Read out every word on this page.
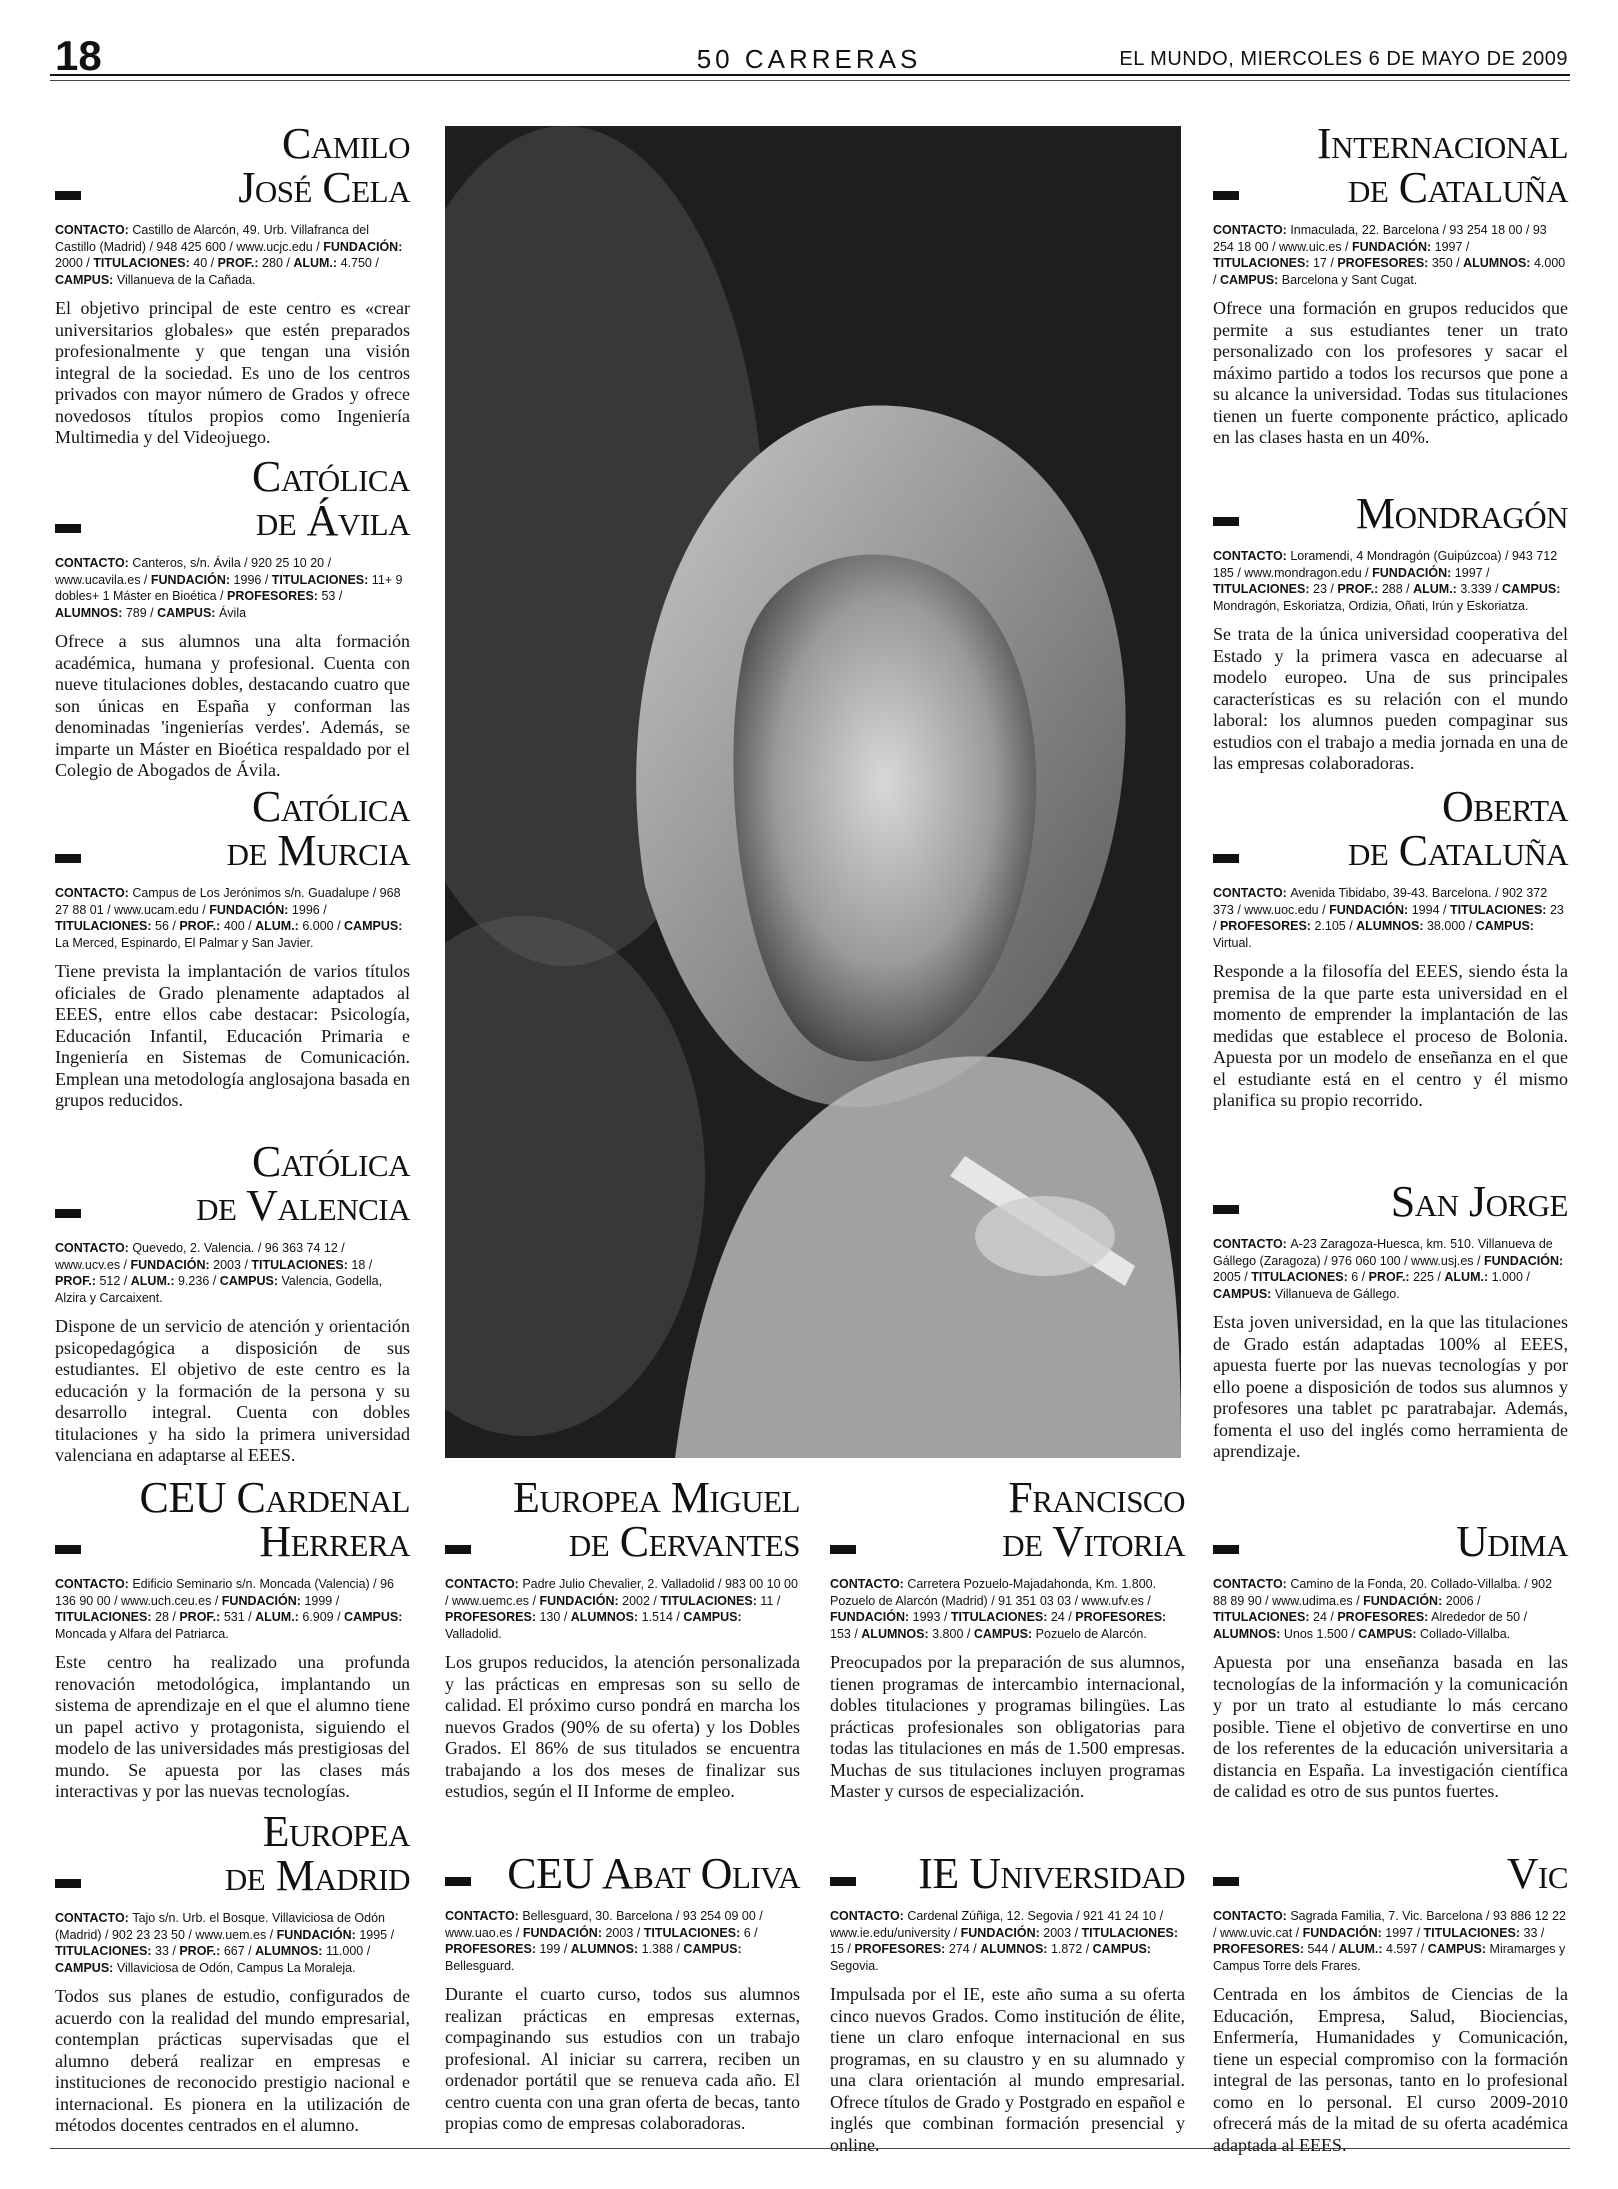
18	50 CARRERAS	EL MUNDO, MIERCOLES 6 DE MAYO DE 2009
Camilo
José Cela
CONTACTO: Castillo de Alarcón, 49. Urb. Villafranca del Castillo (Madrid) / 948 425 600 / www.ucjc.edu / FUNDACIÓN: 2000 / TITULACIONES: 40 / PROF.: 280 / ALUM.: 4.750 / CAMPUS: Villanueva de la Cañada.
El objetivo principal de este centro es «crear universitarios globales» que estén preparados profesionalmente y que tengan una visión integral de la sociedad. Es uno de los centros privados con mayor número de Grados y ofrece novedosos títulos propios como Ingeniería Multimedia y del Videojuego.
Católica
de Ávila
CONTACTO: Canteros, s/n. Ávila / 920 25 10 20 / www.ucavila.es / FUNDACIÓN: 1996 / TITULACIONES: 11+ 9 dobles+ 1 Máster en Bioética / PROFESORES: 53 / ALUMNOS: 789 / CAMPUS: Ávila
Ofrece a sus alumnos una alta formación académica, humana y profesional. Cuenta con nueve titulaciones dobles, destacando cuatro que son únicas en España y conforman las denominadas 'ingenierías verdes'. Además, se imparte un Máster en Bioética respaldado por el Colegio de Abogados de Ávila.
Católica
de Murcia
CONTACTO: Campus de Los Jerónimos s/n. Guadalupe / 968 27 88 01 / www.ucam.edu / FUNDACIÓN: 1996 / TITULACIONES: 56 / PROF.: 400 / ALUM.: 6.000 / CAMPUS: La Merced, Espinardo, El Palmar y San Javier.
Tiene prevista la implantación de varios títulos oficiales de Grado plenamente adaptados al EEES, entre ellos cabe destacar: Psicología, Educación Infantil, Educación Primaria e Ingeniería en Sistemas de Comunicación. Emplean una metodología anglosajona basada en grupos reducidos.
Católica
de Valencia
CONTACTO: Quevedo, 2. Valencia. / 96 363 74 12 / www.ucv.es / FUNDACIÓN: 2003 / TITULACIONES: 18 / PROF.: 512 / ALUM.: 9.236 / CAMPUS: Valencia, Godella, Alzira y Carcaixent.
Dispone de un servicio de atención y orientación psicopedagógica a disposición de sus estudiantes. El objetivo de este centro es la educación y la formación de la persona y su desarrollo integral. Cuenta con dobles titulaciones y ha sido la primera universidad valenciana en adaptarse al EEES.
CEU Cardenal
Herrera
CONTACTO: Edificio Seminario s/n. Moncada (Valencia) / 96 136 90 00 / www.uch.ceu.es / FUNDACIÓN: 1999 / TITULACIONES: 28 / PROF.: 531 / ALUM.: 6.909 / CAMPUS: Moncada y Alfara del Patriarca.
Este centro ha realizado una profunda renovación metodológica, implantando un sistema de aprendizaje en el que el alumno tiene un papel activo y protagonista, siguiendo el modelo de las universidades más prestigiosas del mundo. Se apuesta por las clases más interactivas y por las nuevas tecnologías.
Europea
de Madrid
CONTACTO: Tajo s/n. Urb. el Bosque. Villaviciosa de Odón (Madrid) / 902 23 23 50 / www.uem.es / FUNDACIÓN: 1995 / TITULACIONES: 33 / PROF.: 667 / ALUMNOS: 11.000 / CAMPUS: Villaviciosa de Odón, Campus La Moraleja.
Todos sus planes de estudio, configurados de acuerdo con la realidad del mundo empresarial, contemplan prácticas supervisadas que el alumno deberá realizar en empresas e instituciones de reconocido prestigio nacional e internacional. Es pionera en la utilización de métodos docentes centrados en el alumno.
Europea Miguel
de Cervantes
CONTACTO: Padre Julio Chevalier, 2. Valladolid / 983 00 10 00 / www.uemc.es / FUNDACIÓN: 2002 / TITULACIONES: 11 / PROFESORES: 130 / ALUMNOS: 1.514 / CAMPUS: Valladolid.
Los grupos reducidos, la atención personalizada y las prácticas en empresas son su sello de calidad. El próximo curso pondrá en marcha los nuevos Grados (90% de su oferta) y los Dobles Grados. El 86% de sus titulados se encuentra trabajando a los dos meses de finalizar sus estudios, según el II Informe de empleo.
CEU Abat Oliva
CONTACTO: Bellesguard, 30. Barcelona / 93 254 09 00 / www.uao.es / FUNDACIÓN: 2003 / TITULACIONES: 6 / PROFESORES: 199 / ALUMNOS: 1.388 / CAMPUS: Bellesguard.
Durante el cuarto curso, todos sus alumnos realizan prácticas en empresas externas, compaginando sus estudios con un trabajo profesional. Al iniciar su carrera, reciben un ordenador portátil que se renueva cada año. El centro cuenta con una gran oferta de becas, tanto propias como de empresas colaboradoras.
Francisco
de Vitoria
CONTACTO: Carretera Pozuelo-Majadahonda, Km. 1.800. Pozuelo de Alarcón (Madrid) / 91 351 03 03 / www.ufv.es / FUNDACIÓN: 1993 / TITULACIONES: 24 / PROFESORES: 153 / ALUMNOS: 3.800 / CAMPUS: Pozuelo de Alarcón.
Preocupados por la preparación de sus alumnos, tienen programas de intercambio internacional, dobles titulaciones y programas bilingües. Las prácticas profesionales son obligatorias para todas las titulaciones en más de 1.500 empresas. Muchas de sus titulaciones incluyen programas Master y cursos de especialización.
IE Universidad
CONTACTO: Cardenal Zúñiga, 12. Segovia / 921 41 24 10 / www.ie.edu/university / FUNDACIÓN: 2003 / TITULACIONES: 15 / PROFESORES: 274 / ALUMNOS: 1.872 / CAMPUS: Segovia.
Impulsada por el IE, este año suma a su oferta cinco nuevos Grados. Como institución de élite, tiene un claro enfoque internacional en sus programas, en su claustro y en su alumnado y una clara orientación al mundo empresarial. Ofrece títulos de Grado y Postgrado en español e inglés que combinan formación presencial y online.
Internacional
de Cataluña
CONTACTO: Inmaculada, 22. Barcelona / 93 254 18 00 / 93 254 18 00 / www.uic.es / FUNDACIÓN: 1997 / TITULACIONES: 17 / PROFESORES: 350 / ALUMNOS: 4.000 / CAMPUS: Barcelona y Sant Cugat.
Ofrece una formación en grupos reducidos que permite a sus estudiantes tener un trato personalizado con los profesores y sacar el máximo partido a todos los recursos que pone a su alcance la universidad. Todas sus titulaciones tienen un fuerte componente práctico, aplicado en las clases hasta en un 40%.
Mondragón
CONTACTO: Loramendi, 4 Mondragón (Guipúzcoa) / 943 712 185 / www.mondragon.edu / FUNDACIÓN: 1997 / TITULACIONES: 23 / PROF.: 288 / ALUM.: 3.339 / CAMPUS: Mondragón, Eskoriatza, Ordizia, Oñati, Irún y Eskoriatza.
Se trata de la única universidad cooperativa del Estado y la primera vasca en adecuarse al modelo europeo. Una de sus principales características es su relación con el mundo laboral: los alumnos pueden compaginar sus estudios con el trabajo a media jornada en una de las empresas colaboradoras.
Oberta
de Cataluña
CONTACTO: Avenida Tibidabo, 39-43. Barcelona. / 902 372 373 / www.uoc.edu / FUNDACIÓN: 1994 / TITULACIONES: 23 / PROFESORES: 2.105 / ALUMNOS: 38.000 / CAMPUS: Virtual.
Responde a la filosofía del EEES, siendo ésta la premisa de la que parte esta universidad en el momento de emprender la implantación de las medidas que establece el proceso de Bolonia. Apuesta por un modelo de enseñanza en el que el estudiante está en el centro y él mismo planifica su propio recorrido.
San Jorge
CONTACTO: A-23 Zaragoza-Huesca, km. 510. Villanueva de Gállego (Zaragoza) / 976 060 100 / www.usj.es / FUNDACIÓN: 2005 / TITULACIONES: 6 / PROF.: 225 / ALUM.: 1.000 / CAMPUS: Villanueva de Gállego.
Esta joven universidad, en la que las titulaciones de Grado están adaptadas 100% al EEES, apuesta fuerte por las nuevas tecnologías y por ello poene a disposición de todos sus alumnos y profesores una tablet pc paratrabajar. Además, fomenta el uso del inglés como herramienta de aprendizaje.
Udima
CONTACTO: Camino de la Fonda, 20. Collado-Villalba. / 902 88 89 90 / www.udima.es / FUNDACIÓN: 2006 / TITULACIONES: 24 / PROFESORES: Alrededor de 50 / ALUMNOS: Unos 1.500 / CAMPUS: Collado-Villalba.
Apuesta por una enseñanza basada en las tecnologías de la información y la comunicación y por un trato al estudiante lo más cercano posible. Tiene el objetivo de convertirse en uno de los referentes de la educación universitaria a distancia en España. La investigación científica de calidad es otro de sus puntos fuertes.
Vic
CONTACTO: Sagrada Familia, 7. Vic. Barcelona / 93 886 12 22 / www.uvic.cat / FUNDACIÓN: 1997 / TITULACIONES: 33 / PROFESORES: 544 / ALUM.: 4.597 / CAMPUS: Miramarges y Campus Torre dels Frares.
Centrada en los ámbitos de Ciencias de la Educación, Empresa, Salud, Biociencias, Enfermería, Humanidades y Comunicación, tiene un especial compromiso con la formación integral de las personas, tanto en lo profesional como en lo personal. El curso 2009-2010 ofrecerá más de la mitad de su oferta académica adaptada al EEES.
